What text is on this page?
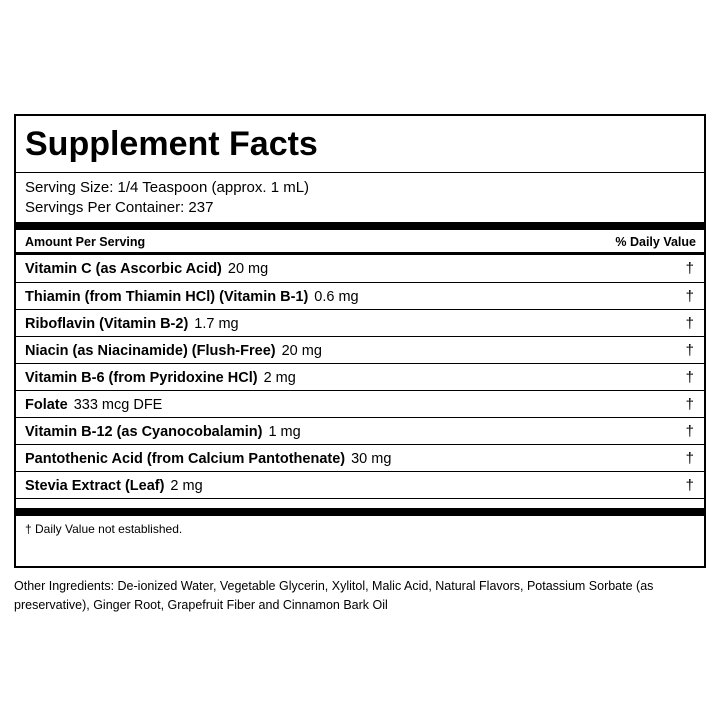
Supplement Facts
Serving Size: 1/4 Teaspoon (approx. 1 mL)
Servings Per Container: 237
Amount Per Serving	% Daily Value
Vitamin C (as Ascorbic Acid) 20 mg	†
Thiamin (from Thiamin HCl) (Vitamin B-1) 0.6 mg	†
Riboflavin (Vitamin B-2) 1.7 mg	†
Niacin (as Niacinamide) (Flush-Free) 20 mg	†
Vitamin B-6 (from Pyridoxine HCl) 2 mg	†
Folate 333 mcg DFE	†
Vitamin B-12 (as Cyanocobalamin) 1 mg	†
Pantothenic Acid (from Calcium Pantothenate) 30 mg	†
Stevia Extract (Leaf) 2 mg	†
† Daily Value not established.
Other Ingredients: De-ionized Water, Vegetable Glycerin, Xylitol, Malic Acid, Natural Flavors, Potassium Sorbate (as preservative), Ginger Root, Grapefruit Fiber and Cinnamon Bark Oil
